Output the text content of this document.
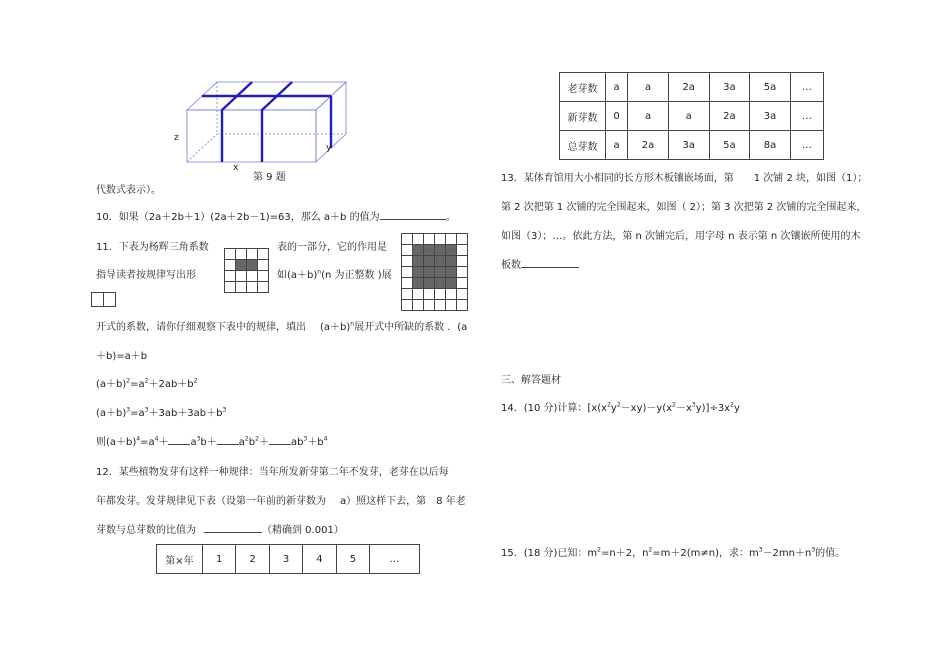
z
x
y
第 9 题
代数式表示）。
10．如果（2a＋2b＋1）(2a＋2b－1)=63，那么 a＋b 的值为	。
11．下表为杨辉三角系数	表的一部分，它的作用是
指导读者按规律写出形	如$(a+b)^n(n$ 为正整数 )展
开式的系数，请你仔细观察下表中的规律，填出 $(a+b)^n$展开式中所缺的系数 ．(a
＋b)=a＋b
$(a+b)^2=a^2+2ab+b^2$
$(a+b)^3=a^3+3ab+3ab+b^3$
则$(a+b)^4=a^4+ a^3b+ a^2b^2+ ab^3+b^4$
12．某些植物发芽有这样一种规律：当年所发新芽第二年不发芽，老芽在以后每
年都发芽。发芽规律见下表（设第一年前的新芽数为 a）照这样下去，第 8 年老
芽数与总芽数的比值为	（精确到 0.001）
第×年	1	2	3	4	5	…
老芽数	a	a	2a	3a	5a	…
新芽数	0	a	a	2a	3a	…
总芽数	a	2a	3a	5a	8a	…
13．某体育馆用大小相同的长方形木板镶嵌场面，第　　1 次铺 2 块，如图（1）；
第 2 次把第 1 次铺的完全围起来，如图（ 2）；第 3 次把第 2 次铺的完全围起来，
如图（3）；…。依此方法，第 n 次铺完后，用字母 n 表示第 n 次镶嵌所使用的木
板数
三、解答题材
14．(10 分)计算：$[x(x^2y^2-xy)-y(x^2-x^3y)]\div 3x^2y$
15．(18 分)已知：$m^2=n+2$，$n^2=m+2(m\ne n)$，求：$m^3-2mn+n^3$的值。
